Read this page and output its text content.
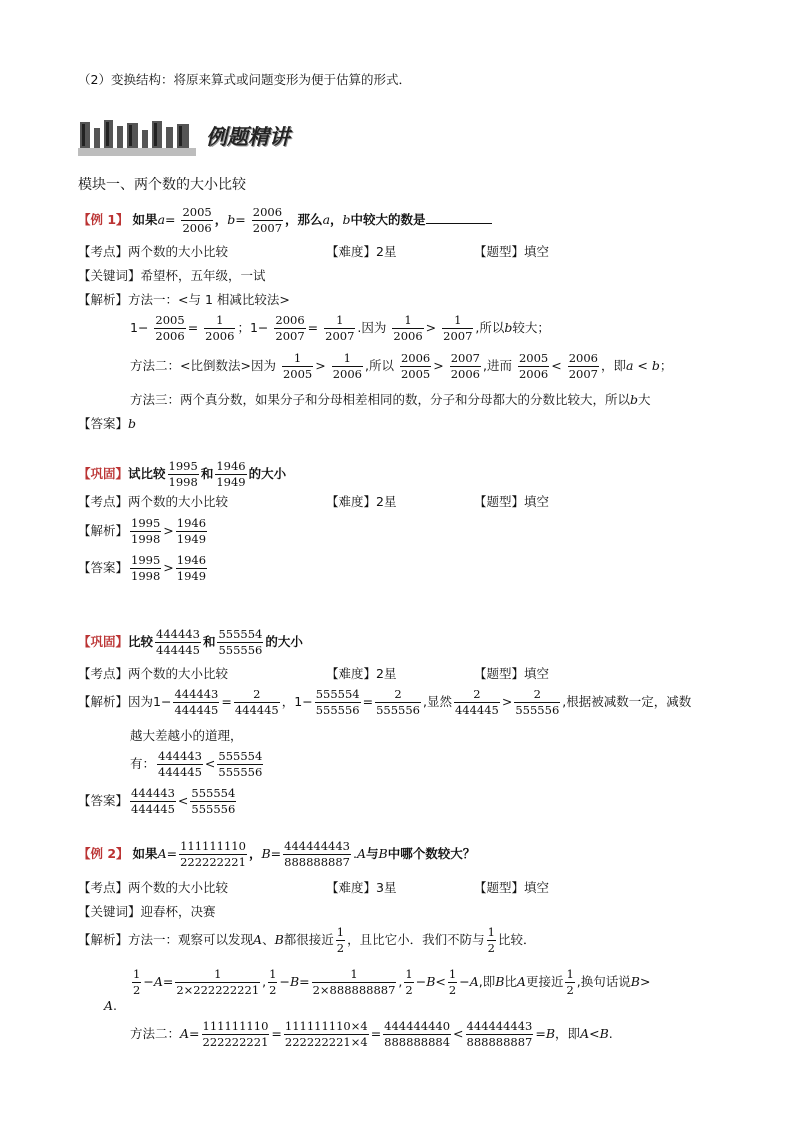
（2）变换结构：将原来算式或问题变形为便于估算的形式．
例题精讲
模块一、两个数的大小比较
【例 1】 如果$a= \frac{2005}{2006}$ ，$b= \frac{2006}{2007}$ ，那么a，b中较大的数是
【考点】两个数的大小比较	【难度】2星	【题型】填空
【关键词】希望杯，五年级，一试
【解析】方法一：<与 1 相减比较法>
$1- \frac{2005}{2006} = \frac{1}{2006}$ ；$1- \frac{2006}{2007} = \frac{1}{2007}$ .因为 $\frac{1}{2006} > \frac{1}{2007}$ ,所以b较大；
方法二：<比倒数法>因为 $\frac{1}{2005} > \frac{1}{2006}$ ,所以 $\frac{2006}{2005} > \frac{2007}{2006}$ ,进而 $\frac{2005}{2006} < \frac{2006}{2007}$ ，即a < b；
方法三：两个真分数，如果分子和分母相差相同的数，分子和分母都大的分数比较大，所以b大
【答案】b
【巩固】试比较 $\frac{1995}{1998}$ 和 $\frac{1946}{1949}$ 的大小
【考点】两个数的大小比较	【难度】2星	【题型】填空
【解析】 $\frac{1995}{1998} > \frac{1946}{1949}$
【答案】 $\frac{1995}{1998} > \frac{1946}{1949}$
【巩固】比较 $\frac{444443}{444445}$ 和 $\frac{555554}{555556}$ 的大小
【考点】两个数的大小比较	【难度】2星	【题型】填空
【解析】因为$1- \frac{444443}{444445} = \frac{2}{444445}$ ，$1- \frac{555554}{555556} = \frac{2}{555556}$ ,显然 $\frac{2}{444445} > \frac{2}{555556}$ ,根据被减数一定，减数
越大差越小的道理，
有： $\frac{444443}{444445} < \frac{555554}{555556}$
【答案】 $\frac{444443}{444445} < \frac{555554}{555556}$
【例 2】 如果$A= \frac{111111110}{222222221}$ ，$B= \frac{444444443}{888888887} .A$与B中哪个数较大？
【考点】两个数的大小比较	【难度】3星	【题型】填空
【关键词】迎春杯，决赛
【解析】方法一：观察可以发现A、B都很接近 $\frac{1}{2}$ ，且比它小．我们不防与 $\frac{1}{2}$ 比较．
$\frac{1}{2} -A= \frac{1}{2\times 222222221}$ , $\frac{1}{2} -B= \frac{1}{2\times 888888887}$ , $\frac{1}{2} -B< \frac{1}{2} -A$,即B比A更接近 $\frac{1}{2}$ ,换句话说B>
A.
方法二：$A= \frac{111111110}{222222221} = \frac{111111110\times 4}{222222221\times 4} = \frac{444444440}{888888884} < \frac{444444443}{888888887} =B$，即A<B.
